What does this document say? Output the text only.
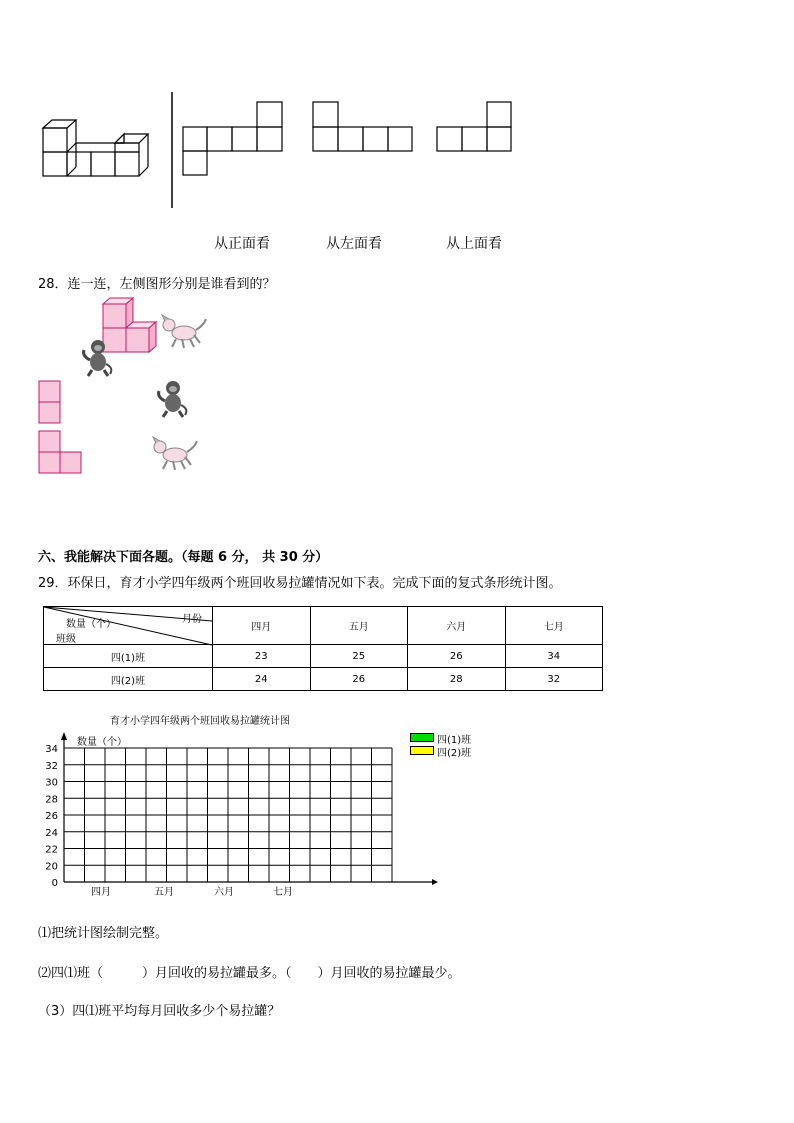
从正面看	从左面看	从上面看
28．连一连，左侧图形分别是谁看到的？
六、我能解决下面各题。（每题 6 分， 共 30 分）
29．环保日，育才小学四年级两个班回收易拉罐情况如下表。完成下面的复式条形统计图。
月份
数量（个）
班级	四月	五月	六月	七月
四(1)班	23	25	26	34
四(2)班	24	26	28	32
育才小学四年级两个班回收易拉罐统计图
数量（个）
34
32
30
28
26
24
22
20
0
四月	五月	六月	七月
四(1)班
四(2)班
⑴把统计图绘制完整。
⑵四⑴班（　　　）月回收的易拉罐最多。（　　）月回收的易拉罐最少。
（3）四⑴班平均每月回收多少个易拉罐？
